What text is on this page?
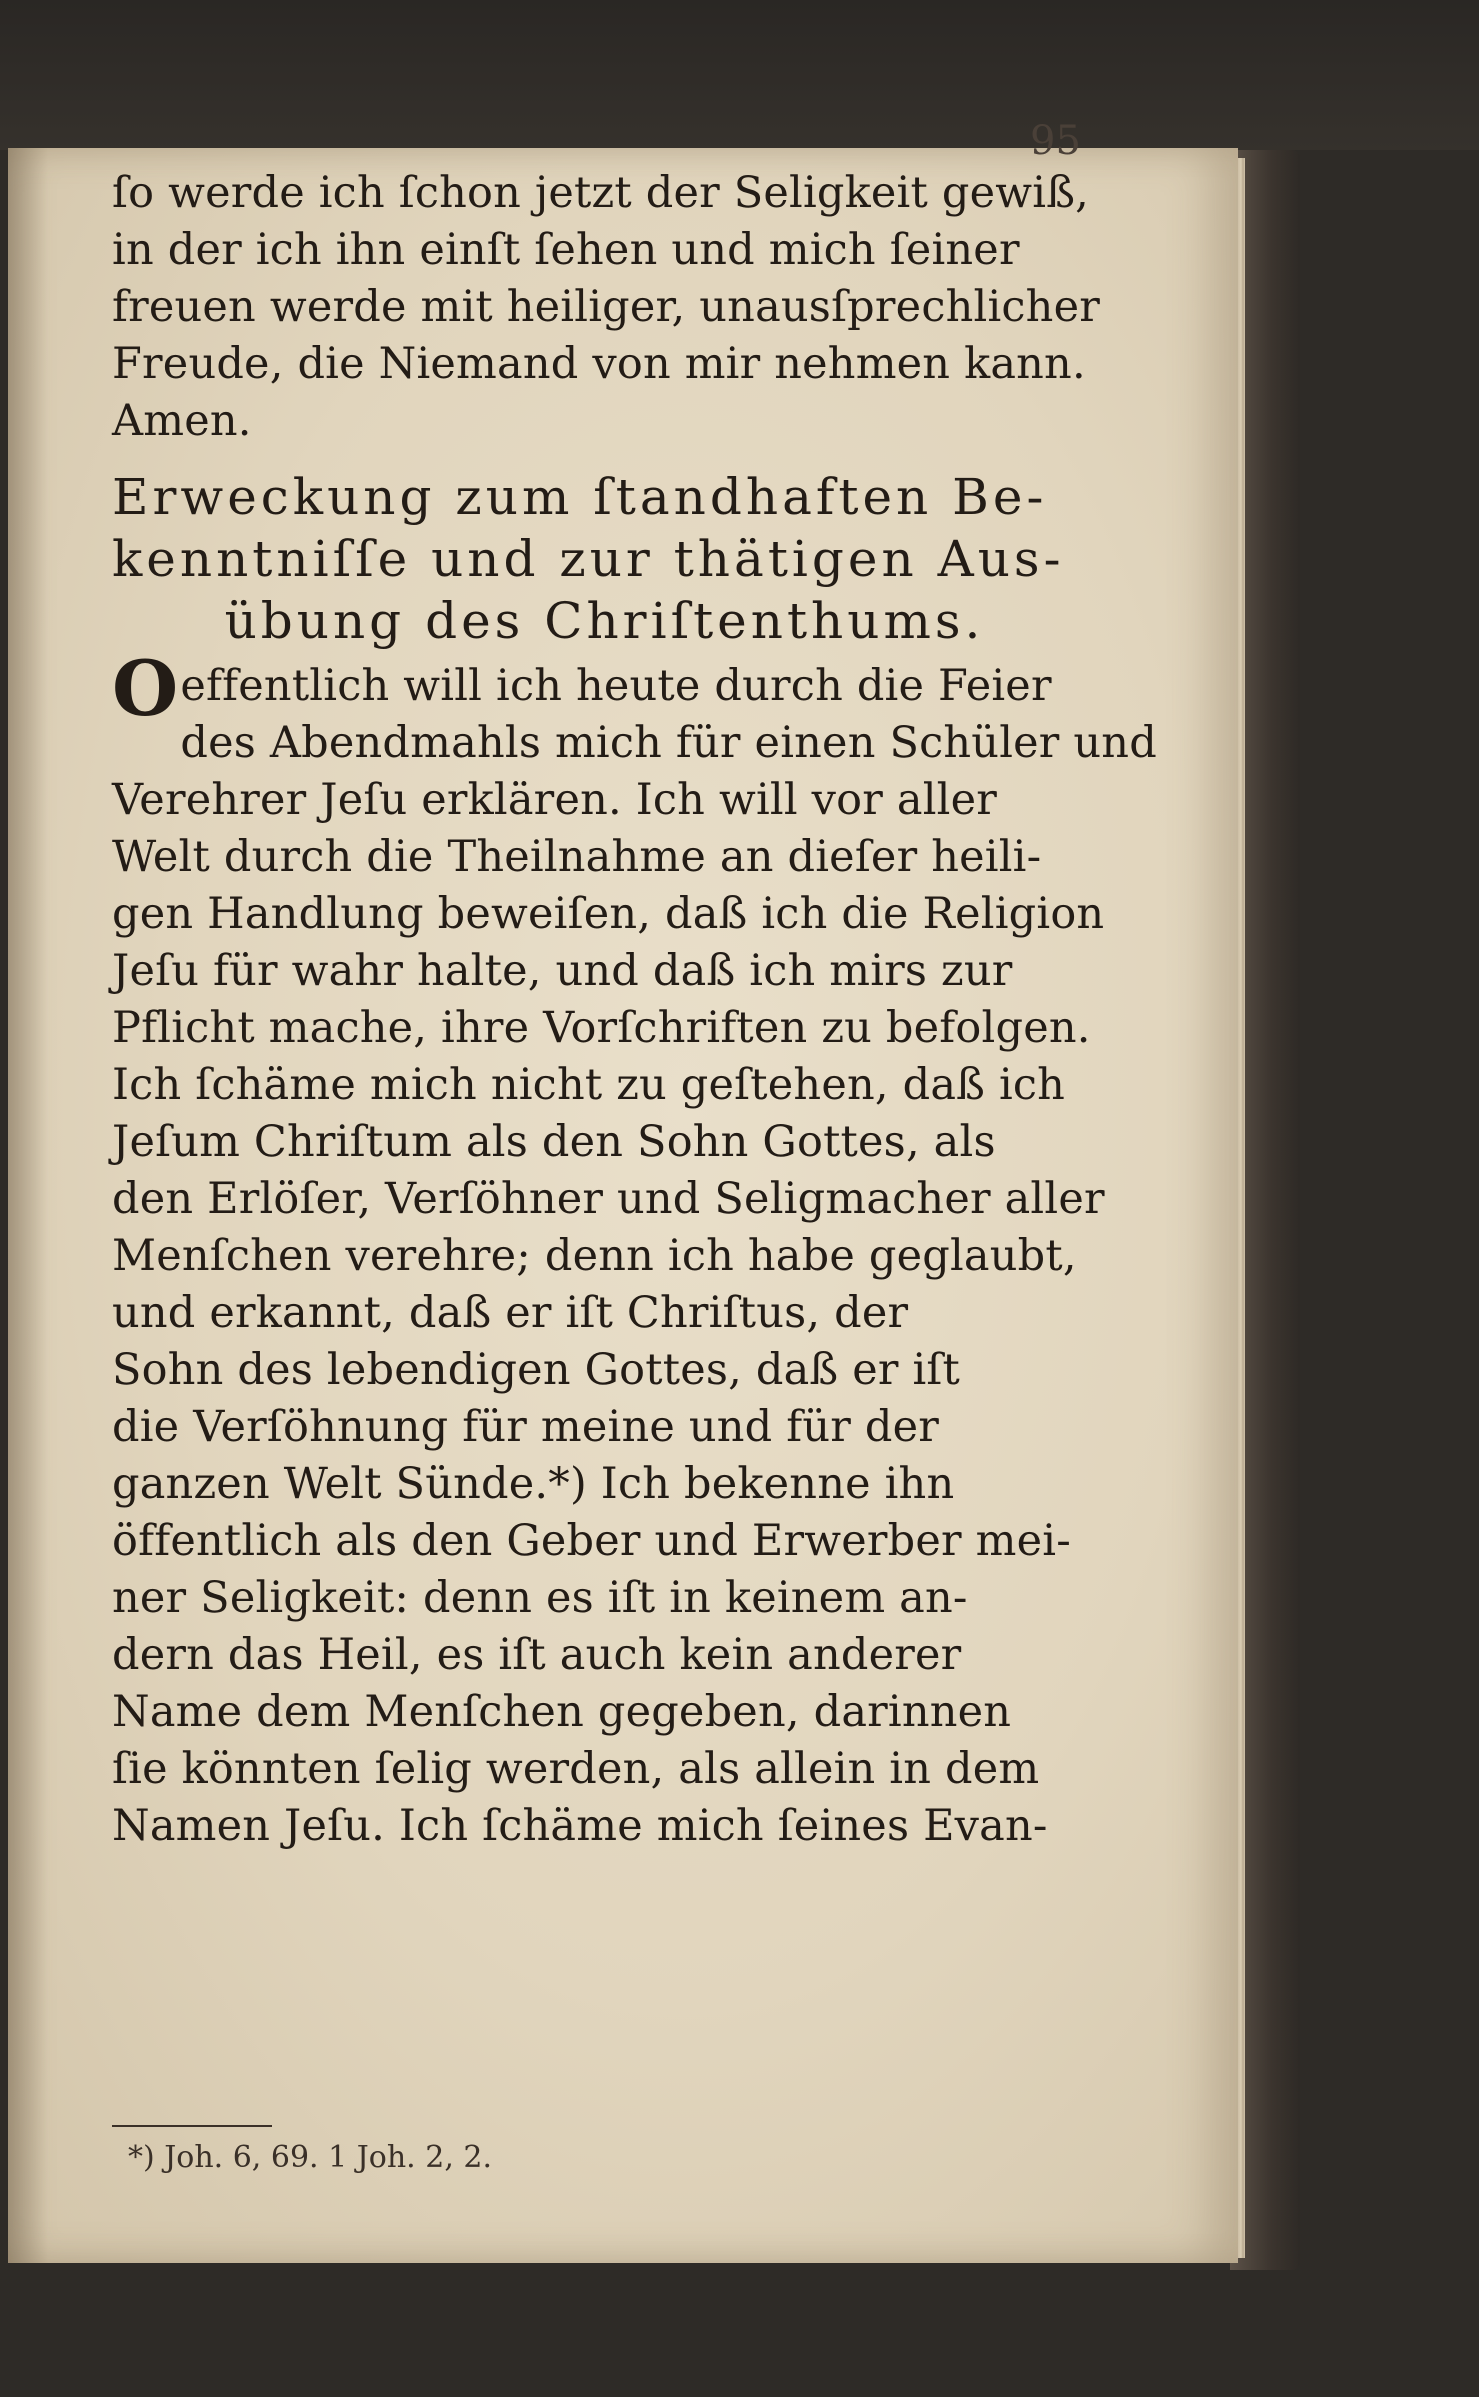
95
ſo werde ich ſchon jetzt der Seligkeit gewiß,
in der ich ihn einſt ſehen und mich ſeiner
freuen werde mit heiliger, unausſprechlicher
Freude, die Niemand von mir nehmen kann.
Amen.
Erweckung zum ſtandhaften Be-
kenntniſſe und zur thätigen Aus-
übung des Chriſtenthums.
Oeffentlich will ich heute durch die Feier
des Abendmahls mich für einen Schüler und
Verehrer Jeſu erklären. Ich will vor aller
Welt durch die Theilnahme an dieſer heili-
gen Handlung beweiſen, daß ich die Religion
Jeſu für wahr halte, und daß ich mirs zur
Pflicht mache, ihre Vorſchriften zu befolgen.
Ich ſchäme mich nicht zu geſtehen, daß ich
Jeſum Chriſtum als den Sohn Gottes, als
den Erlöſer, Verſöhner und Seligmacher aller
Menſchen verehre; denn ich habe geglaubt,
und erkannt, daß er iſt Chriſtus, der
Sohn des lebendigen Gottes, daß er iſt
die Verſöhnung für meine und für der
ganzen Welt Sünde.*) Ich bekenne ihn
öffentlich als den Geber und Erwerber mei-
ner Seligkeit: denn es iſt in keinem an-
dern das Heil, es iſt auch kein anderer
Name dem Menſchen gegeben, darinnen
ſie könnten ſelig werden, als allein in dem
Namen Jeſu. Ich ſchäme mich ſeines Evan-
*) Joh. 6, 69. 1 Joh. 2, 2.
